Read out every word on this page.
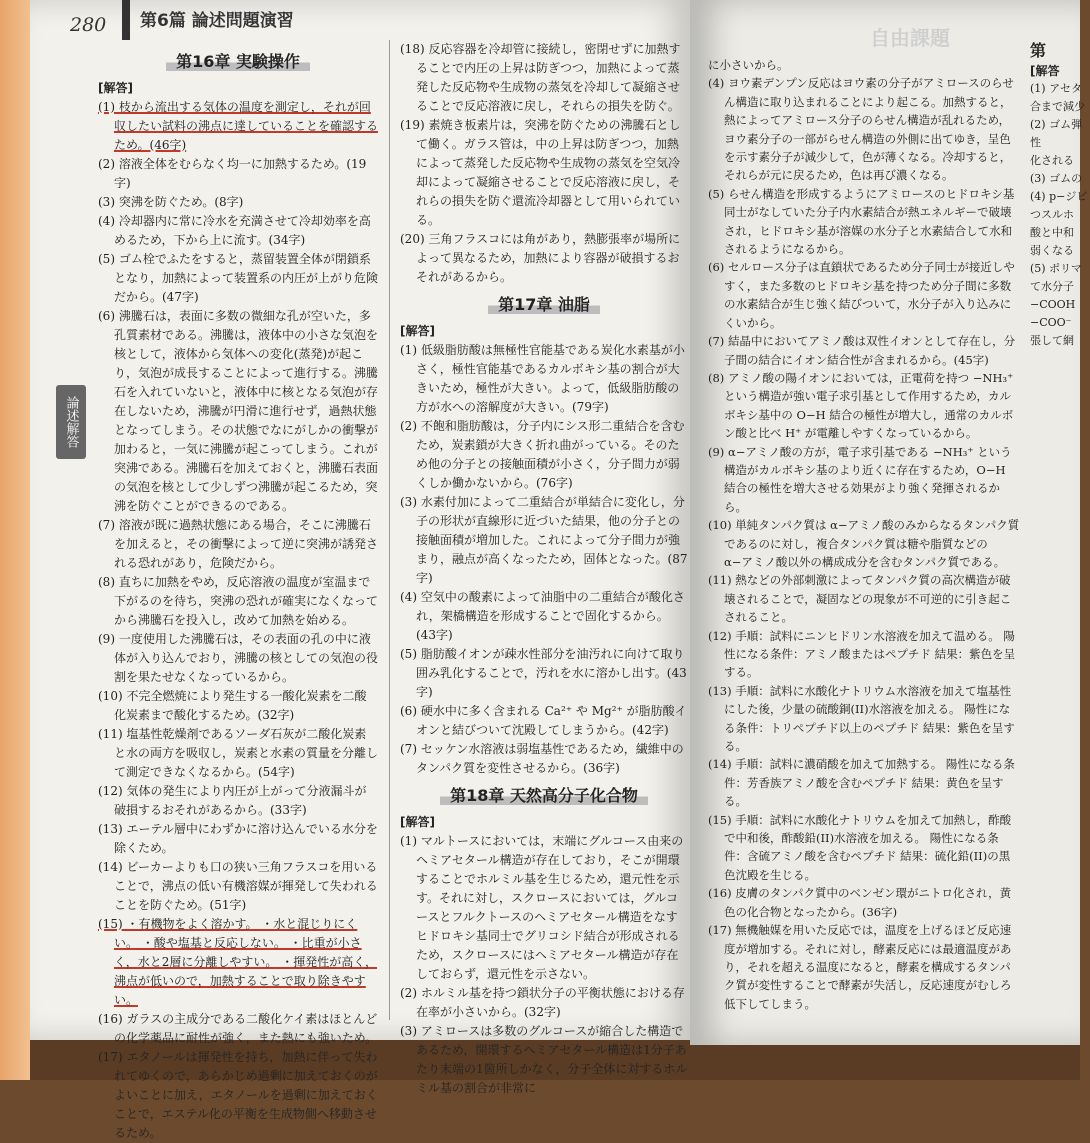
280 第6篇 論述問題演習
論述解答
自由課題
第16章 実験操作
[解答]

(1) 枝から流出する気体の温度を測定し，それが回収したい試料の沸点に達していることを確認するため。(46字)

(2) 溶液全体をむらなく均一に加熱するため。(19字)

(3) 突沸を防ぐため。(8字)

(4) 冷却器内に常に冷水を充満させて冷却効率を高めるため，下から上に流す。(34字)

(5) ゴム栓でふたをすると，蒸留装置全体が閉鎖系となり，加熱によって装置系の内圧が上がり危険だから。(47字)

(6) 沸騰石は，表面に多数の微細な孔が空いた，多孔質素材である。沸騰は，液体中の小さな気泡を核として，液体から気体への変化(蒸発)が起こり，気泡が成長することによって進行する。沸騰石を入れていないと，液体中に核となる気泡が存在しないため，沸騰が円滑に進行せず，過熱状態となってしまう。その状態でなにがしかの衝撃が加わると，一気に沸騰が起こってしまう。これが突沸である。沸騰石を加えておくと，沸騰石表面の気泡を核として少しずつ沸騰が起こるため，突沸を防ぐことができるのである。

(7) 溶液が既に過熱状態にある場合，そこに沸騰石を加えると，その衝撃によって逆に突沸が誘発される恐れがあり，危険だから。

(8) 直ちに加熱をやめ，反応溶液の温度が室温まで下がるのを待ち，突沸の恐れが確実になくなってから沸騰石を投入し，改めて加熱を始める。

(9) 一度使用した沸騰石は，その表面の孔の中に液体が入り込んでおり，沸騰の核としての気泡の役割を果たせなくなっているから。

(10) 不完全燃焼により発生する一酸化炭素を二酸化炭素まで酸化するため。(32字)

(11) 塩基性乾燥剤であるソーダ石灰が二酸化炭素と水の両方を吸収し，炭素と水素の質量を分離して測定できなくなるから。(54字)

(12) 気体の発生により内圧が上がって分液漏斗が破損するおそれがあるから。(33字)

(13) エーテル層中にわずかに溶け込んでいる水分を除くため。

(14) ビーカーよりも口の狭い三角フラスコを用いることで，沸点の低い有機溶媒が揮発して失われることを防ぐため。(51字)

(15) ・有機物をよく溶かす。 ・水と混じりにくい。 ・酸や塩基と反応しない。 ・比重が小さく，水と2層に分離しやすい。 ・揮発性が高く，沸点が低いので，加熱することで取り除きやすい。

(16) ガラスの主成分である二酸化ケイ素はほとんどの化学薬品に耐性が強く，また熱にも強いため。

(17) エタノールは揮発性を持ち，加熱に伴って失われてゆくので，あらかじめ過剰に加えておくのがよいことに加え，エタノールを過剰に加えておくことで，エステル化の平衡を生成物側へ移動させるため。

(18) 反応容器を冷却管に接続し，密閉せずに加熱することで内圧の上昇は防ぎつつ，加熱によって蒸発した反応物や生成物の蒸気を冷却して凝縮させることで反応溶液に戻し，それらの損失を防ぐ。

(19) 素焼き板素片は，突沸を防ぐための沸騰石として働く。ガラス管は，中の上昇は防ぎつつ，加熱によって蒸発した反応物や生成物の蒸気を空気冷却によって凝縮させることで反応溶液に戻し，それらの損失を防ぐ還流冷却器として用いられている。

(20) 三角フラスコには角があり，熱膨張率が場所によって異なるため，加熱により容器が破損するおそれがあるから。

第17章 油脂
[解答]

(1) 低級脂肪酸は無極性官能基である炭化水素基が小さく，極性官能基であるカルボキシ基の割合が大きいため，極性が大きい。よって，低級脂肪酸の方が水への溶解度が大きい。(79字)

(2) 不飽和脂肪酸は，分子内にシス形二重結合を含むため，炭素鎖が大きく折れ曲がっている。そのため他の分子との接触面積が小さく，分子間力が弱くしか働かないから。(76字)

(3) 水素付加によって二重結合が単結合に変化し，分子の形状が直線形に近づいた結果，他の分子との接触面積が増加した。これによって分子間力が強まり，融点が高くなったため，固体となった。(87字)

(4) 空気中の酸素によって油脂中の二重結合が酸化され，架橋構造を形成することで固化するから。(43字)

(5) 脂肪酸イオンが疎水性部分を油汚れに向けて取り囲み乳化することで，汚れを水に溶かし出す。(43字)

(6) 硬水中に多く含まれる Ca²⁺ や Mg²⁺ が脂肪酸イオンと結びついて沈殿してしまうから。(42字)

(7) セッケン水溶液は弱塩基性であるため，繊維中のタンパク質を変性させるから。(36字)

第18章 天然高分子化合物
[解答]

(1) マルトースにおいては，末端にグルコース由来のヘミアセタール構造が存在しており，そこが開環することでホルミル基を生じるため，還元性を示す。それに対し，スクロースにおいては，グルコースとフルクトースのヘミアセタール構造をなすヒドロキシ基同士でグリコシド結合が形成されるため，スクロースにはヘミアセタール構造が存在しておらず，還元性を示さない。

(2) ホルミル基を持つ鎖状分子の平衡状態における存在率が小さいから。(32字)

(3) アミロースは多数のグルコースが縮合した構造であるため，開環するヘミアセタール構造は1分子あたり末端の1箇所しかなく，分子全体に対するホルミル基の割合が非常に

に小さいから。

(4) ヨウ素デンプン反応はヨウ素の分子がアミロースのらせん構造に取り込まれることにより起こる。加熱すると，熱によってアミロース分子のらせん構造が乱れるため，ヨウ素分子の一部がらせん構造の外側に出てゆき，呈色を示す素分子が減少して，色が薄くなる。冷却すると，それらが元に戻るため，色は再び濃くなる。

(5) らせん構造を形成するようにアミロースのヒドロキシ基同士がなしていた分子内水素結合が熱エネルギーで破壊され，ヒドロキシ基が溶媒の水分子と水素結合して水和されるようになるから。

(6) セルロース分子は直鎖状であるため分子同士が接近しやすく，また多数のヒドロキシ基を持つため分子間に多数の水素結合が生じ強く結びついて，水分子が入り込みにくいから。

(7) 結晶中においてアミノ酸は双性イオンとして存在し，分子間の結合にイオン結合性が含まれるから。(45字)

(8) アミノ酸の陽イオンにおいては，正電荷を持つ −NH₃⁺ という構造が強い電子求引基として作用するため，カルボキシ基中の O−H 結合の極性が増大し，通常のカルボン酸と比べ H⁺ が電離しやすくなっているから。

(9) α−アミノ酸の方が，電子求引基である −NH₃⁺ という構造がカルボキシ基のより近くに存在するため，O−H 結合の極性を増大させる効果がより強く発揮されるから。

(10) 単純タンパク質は α−アミノ酸のみからなるタンパク質であるのに対し，複合タンパク質は糖や脂質などの α−アミノ酸以外の構成成分を含むタンパク質である。

(11) 熱などの外部刺激によってタンパク質の高次構造が破壊されることで，凝固などの現象が不可逆的に引き起こされること。

(12) 手順：試料にニンヒドリン水溶液を加えて温める。 陽性になる条件：アミノ酸またはペプチド 結果：紫色を呈する。

(13) 手順：試料に水酸化ナトリウム水溶液を加えて塩基性にした後，少量の硫酸銅(II)水溶液を加える。 陽性になる条件：トリペプチド以上のペプチド 結果：紫色を呈する。

(14) 手順：試料に濃硝酸を加えて加熱する。 陽性になる条件：芳香族アミノ酸を含むペプチド 結果：黄色を呈する。

(15) 手順：試料に水酸化ナトリウムを加えて加熱し，酢酸で中和後，酢酸鉛(II)水溶液を加える。 陽性になる条件：含硫アミノ酸を含むペプチド 結果：硫化鉛(II)の黒色沈殿を生じる。

(16) 皮膚のタンパク質中のベンゼン環がニトロ化され，黄色の化合物となったから。(36字)

(17) 無機触媒を用いた反応では，温度を上げるほど反応速度が増加する。それに対し，酵素反応には最適温度があり，それを超える温度になると，酵素を構成するタンパク質が変性することで酵素が失活し，反応速度がむしろ低下してしまう。

第
[解答
(1) アセタ
合まで減少
(2) ゴム弾性
化される
(3) ゴムの
(4) p−ジビ
つスルホ
酸と中和
弱くなる
(5) ポリマ
て水分子
−COOH
−COO⁻
張して網
